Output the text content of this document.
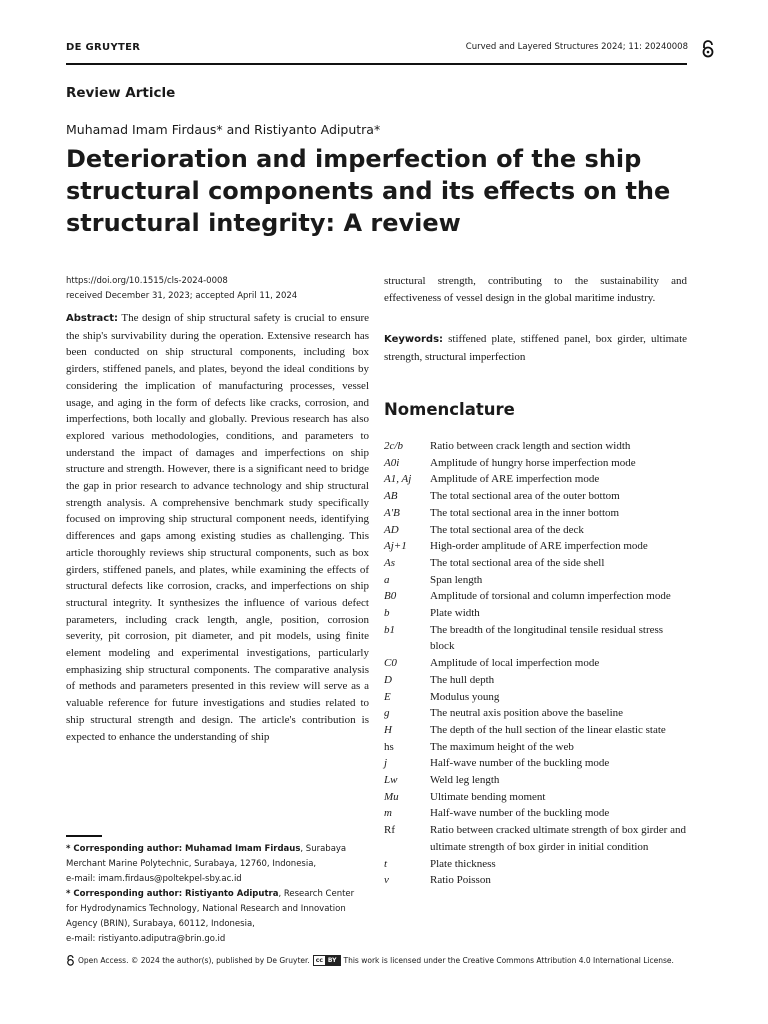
DE GRUYTER	Curved and Layered Structures 2024; 11: 20240008
Review Article
Muhamad Imam Firdaus* and Ristiyanto Adiputra*
Deterioration and imperfection of the ship structural components and its effects on the structural integrity: A review
https://doi.org/10.1515/cls-2024-0008
received December 31, 2023; accepted April 11, 2024
Abstract: The design of ship structural safety is crucial to ensure the ship's survivability during the operation. Extensive research has been conducted on ship structural components, including box girders, stiffened panels, and plates, beyond the ideal conditions by considering the implication of manufacturing processes, vessel usage, and aging in the form of defects like cracks, corrosion, and imperfections, both locally and globally. Previous research has also explored various methodologies, conditions, and parameters to understand the impact of damages and imperfections on ship structure and strength. However, there is a significant need to bridge the gap in prior research to advance technology and ship structural strength analysis. A comprehensive benchmark study specifically focused on improving ship structural component needs, identifying differences and gaps among existing studies as challenging. This article thoroughly reviews ship structural components, such as box girders, stiffened panels, and plates, while examining the effects of structural defects like corrosion, cracks, and imperfections on ship structural integrity. It synthesizes the influence of various defect parameters, including crack length, angle, position, corrosion severity, pit corrosion, pit diameter, and pit models, using finite element modeling and experimental investigations, particularly emphasizing ship structural components. The comparative analysis of methods and parameters presented in this review will serve as a valuable reference for future investigations and studies related to ship structural strength and design. The article's contribution is expected to enhance the understanding of ship
structural strength, contributing to the sustainability and effectiveness of vessel design in the global maritime industry.
Keywords: stiffened plate, stiffened panel, box girder, ultimate strength, structural imperfection
Nomenclature
2c/b	Ratio between crack length and section width
A0i	Amplitude of hungry horse imperfection mode
A1, Aj	Amplitude of ARE imperfection mode
AB	The total sectional area of the outer bottom
A′B	The total sectional area in the inner bottom
AD	The total sectional area of the deck
Aj+1	High-order amplitude of ARE imperfection mode
As	The total sectional area of the side shell
a	Span length
B0	Amplitude of torsional and column imperfection mode
b	Plate width
b1	The breadth of the longitudinal tensile residual stress block
C0	Amplitude of local imperfection mode
D	The hull depth
E	Modulus young
g	The neutral axis position above the baseline
H	The depth of the hull section of the linear elastic state
hs	The maximum height of the web
j	Half-wave number of the buckling mode
Lw	Weld leg length
Mu	Ultimate bending moment
m	Half-wave number of the buckling mode
Rf	Ratio between cracked ultimate strength of box girder and ultimate strength of box girder in initial condition
t	Plate thickness
v	Ratio Poisson
* Corresponding author: Muhamad Imam Firdaus, Surabaya Merchant Marine Polytechnic, Surabaya, 12760, Indonesia,
e-mail: imam.firdaus@poltekpel-sby.ac.id
* Corresponding author: Ristiyanto Adiputra, Research Center for Hydrodynamics Technology, National Research and Innovation Agency (BRIN), Surabaya, 60112, Indonesia,
e-mail: ristiyanto.adiputra@brin.go.id
Open Access. © 2024 the author(s), published by De Gruyter.	cc BY This work is licensed under the Creative Commons Attribution 4.0 International License.
